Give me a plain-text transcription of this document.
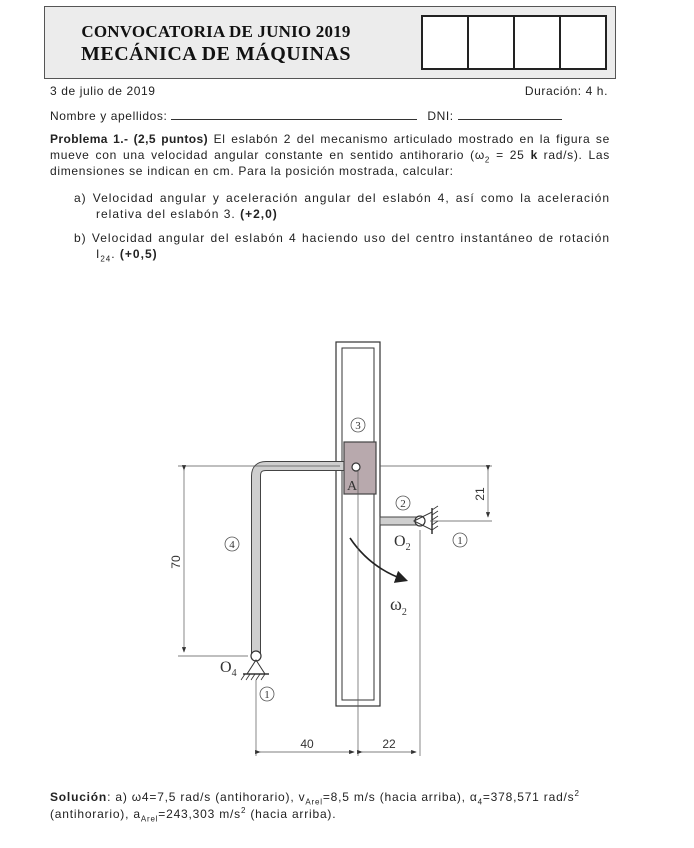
CONVOCATORIA DE JUNIO 2019
MECÁNICA DE MÁQUINAS
3 de julio de 2019	Duración: 4 h.
Nombre y apellidos:	DNI:
Problema 1.- (2,5 puntos) El eslabón 2 del mecanismo articulado mostrado en la figura se mueve con una velocidad angular constante en sentido antihorario ($\omega_2 = 25$ k rad/s). Las dimensiones se indican en cm. Para la posición mostrada, calcular:
a) Velocidad angular y aceleración angular del eslabón 4, así como la aceleración relativa del eslabón 3. (+2,0)
b) Velocidad angular del eslabón 4 haciendo uso del centro instantáneo de rotación $I_{24}$. (+0,5)
3
A
2
$O_2$
1
4
$O_4$
1
$\omega_2$
70
21
40	22
Solución: a) ω4=7,5 rad/s (antihorario), $v_{Arel}=8,5$ m/s (hacia arriba), $\alpha_4=378,571$ rad/$s^2$ (antihorario), $a_{Arel}=243,303$ $m/s^2$ (hacia arriba).
